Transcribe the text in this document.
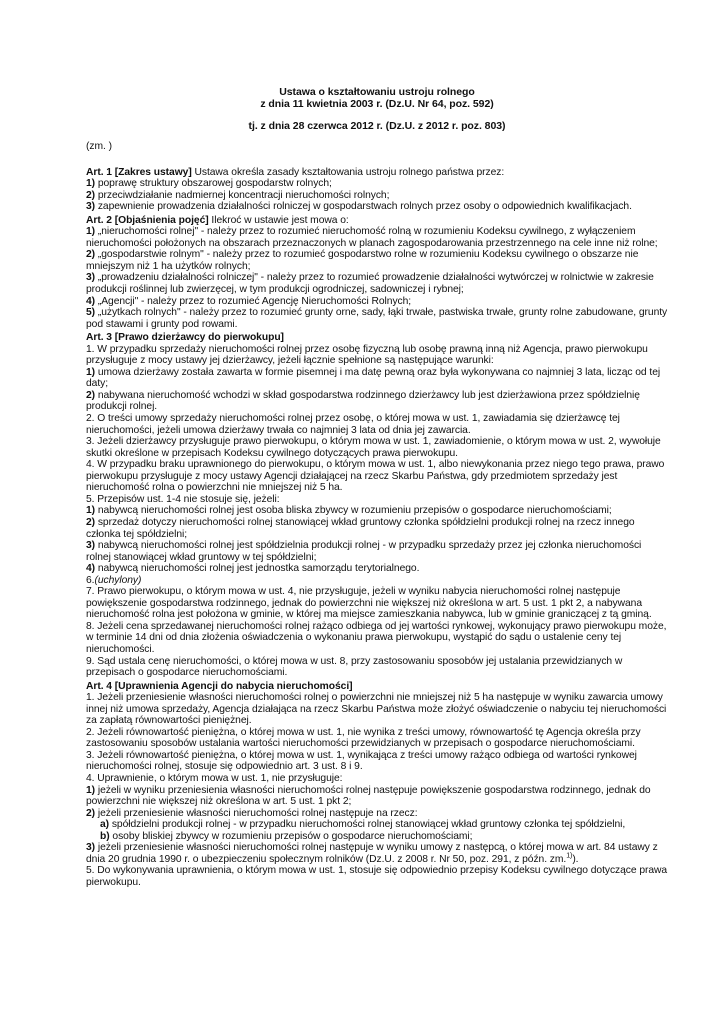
Ustawa o kształtowaniu ustroju rolnego
z dnia 11 kwietnia 2003 r. (Dz.U. Nr 64, poz. 592)
tj. z dnia 28 czerwca 2012 r. (Dz.U. z 2012 r. poz. 803)
(zm. )

Art. 1 [Zakres ustawy] Ustawa określa zasady kształtowania ustroju rolnego państwa przez:

1) poprawę struktury obszarowej gospodarstw rolnych;

2) przeciwdziałanie nadmiernej koncentracji nieruchomości rolnych;

3) zapewnienie prowadzenia działalności rolniczej w gospodarstwach rolnych przez osoby o odpowiednich kwalifikacjach.

Art. 2 [Objaśnienia pojęć] Ilekroć w ustawie jest mowa o:

1) „nieruchomości rolnej" - należy przez to rozumieć nieruchomość rolną w rozumieniu Kodeksu cywilnego, z wyłączeniem nieruchomości położonych na obszarach przeznaczonych w planach zagospodarowania przestrzennego na cele inne niż rolne;

2) „gospodarstwie rolnym" - należy przez to rozumieć gospodarstwo rolne w rozumieniu Kodeksu cywilnego o obszarze nie mniejszym niż 1 ha użytków rolnych;

3) „prowadzeniu działalności rolniczej" - należy przez to rozumieć prowadzenie działalności wytwórczej w rolnictwie w zakresie produkcji roślinnej lub zwierzęcej, w tym produkcji ogrodniczej, sadowniczej i rybnej;

4) „Agencji" - należy przez to rozumieć Agencję Nieruchomości Rolnych;

5) „użytkach rolnych" - należy przez to rozumieć grunty orne, sady, łąki trwałe, pastwiska trwałe, grunty rolne zabudowane, grunty pod stawami i grunty pod rowami.

Art. 3 [Prawo dzierżawcy do pierwokupu]

1. W przypadku sprzedaży nieruchomości rolnej przez osobę fizyczną lub osobę prawną inną niż Agencja, prawo pierwokupu przysługuje z mocy ustawy jej dzierżawcy, jeżeli łącznie spełnione są następujące warunki:

1) umowa dzierżawy została zawarta w formie pisemnej i ma datę pewną oraz była wykonywana co najmniej 3 lata, licząc od tej daty;

2) nabywana nieruchomość wchodzi w skład gospodarstwa rodzinnego dzierżawcy lub jest dzierżawiona przez spółdzielnię produkcji rolnej.

2. O treści umowy sprzedaży nieruchomości rolnej przez osobę, o której mowa w ust. 1, zawiadamia się dzierżawcę tej nieruchomości, jeżeli umowa dzierżawy trwała co najmniej 3 lata od dnia jej zawarcia.

3. Jeżeli dzierżawcy przysługuje prawo pierwokupu, o którym mowa w ust. 1, zawiadomienie, o którym mowa w ust. 2, wywołuje skutki określone w przepisach Kodeksu cywilnego dotyczących prawa pierwokupu.

4. W przypadku braku uprawnionego do pierwokupu, o którym mowa w ust. 1, albo niewykonania przez niego tego prawa, prawo pierwokupu przysługuje z mocy ustawy Agencji działającej na rzecz Skarbu Państwa, gdy przedmiotem sprzedaży jest nieruchomość rolna o powierzchni nie mniejszej niż 5 ha.

5. Przepisów ust. 1-4 nie stosuje się, jeżeli:

1) nabywcą nieruchomości rolnej jest osoba bliska zbywcy w rozumieniu przepisów o gospodarce nieruchomościami;

2) sprzedaż dotyczy nieruchomości rolnej stanowiącej wkład gruntowy członka spółdzielni produkcji rolnej na rzecz innego członka tej spółdzielni;

3) nabywcą nieruchomości rolnej jest spółdzielnia produkcji rolnej - w przypadku sprzedaży przez jej członka nieruchomości rolnej stanowiącej wkład gruntowy w tej spółdzielni;

4) nabywcą nieruchomości rolnej jest jednostka samorządu terytorialnego.

6.(uchylony)

7. Prawo pierwokupu, o którym mowa w ust. 4, nie przysługuje, jeżeli w wyniku nabycia nieruchomości rolnej następuje powiększenie gospodarstwa rodzinnego, jednak do powierzchni nie większej niż określona w art. 5 ust. 1 pkt 2, a nabywana nieruchomość rolna jest położona w gminie, w której ma miejsce zamieszkania nabywca, lub w gminie graniczącej z tą gminą.

8. Jeżeli cena sprzedawanej nieruchomości rolnej rażąco odbiega od jej wartości rynkowej, wykonujący prawo pierwokupu może, w terminie 14 dni od dnia złożenia oświadczenia o wykonaniu prawa pierwokupu, wystąpić do sądu o ustalenie ceny tej nieruchomości.

9. Sąd ustala cenę nieruchomości, o której mowa w ust. 8, przy zastosowaniu sposobów jej ustalania przewidzianych w przepisach o gospodarce nieruchomościami.

Art. 4 [Uprawnienia Agencji do nabycia nieruchomości]

1. Jeżeli przeniesienie własności nieruchomości rolnej o powierzchni nie mniejszej niż 5 ha następuje w wyniku zawarcia umowy innej niż umowa sprzedaży, Agencja działająca na rzecz Skarbu Państwa może złożyć oświadczenie o nabyciu tej nieruchomości za zapłatą równowartości pieniężnej.

2. Jeżeli równowartość pieniężna, o której mowa w ust. 1, nie wynika z treści umowy, równowartość tę Agencja określa przy zastosowaniu sposobów ustalania wartości nieruchomości przewidzianych w przepisach o gospodarce nieruchomościami.

3. Jeżeli równowartość pieniężna, o której mowa w ust. 1, wynikająca z treści umowy rażąco odbiega od wartości rynkowej nieruchomości rolnej, stosuje się odpowiednio art. 3 ust. 8 i 9.

4. Uprawnienie, o którym mowa w ust. 1, nie przysługuje:

1) jeżeli w wyniku przeniesienia własności nieruchomości rolnej następuje powiększenie gospodarstwa rodzinnego, jednak do powierzchni nie większej niż określona w art. 5 ust. 1 pkt 2;

2) jeżeli przeniesienie własności nieruchomości rolnej następuje na rzecz:

a) spółdzielni produkcji rolnej - w przypadku nieruchomości rolnej stanowiącej wkład gruntowy członka tej spółdzielni,

b) osoby bliskiej zbywcy w rozumieniu przepisów o gospodarce nieruchomościami;

3) jeżeli przeniesienie własności nieruchomości rolnej następuje w wyniku umowy z następcą, o której mowa w art. 84 ustawy z dnia 20 grudnia 1990 r. o ubezpieczeniu społecznym rolników (Dz.U. z 2008 r. Nr 50, poz. 291, z późn. zm.$^{1)}$).

5. Do wykonywania uprawnienia, o którym mowa w ust. 1, stosuje się odpowiednio przepisy Kodeksu cywilnego dotyczące prawa pierwokupu.
